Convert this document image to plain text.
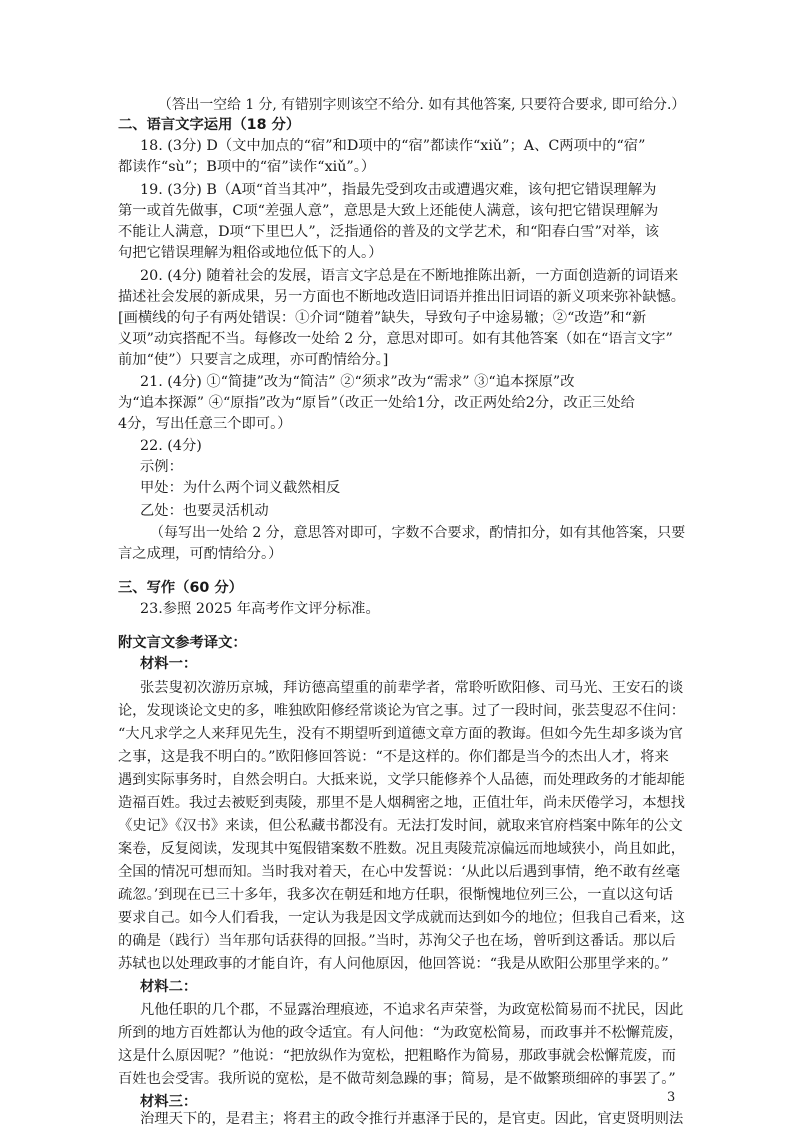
（答出一空给 1 分, 有错别字则该空不给分. 如有其他答案, 只要符合要求, 即可给分.）
二、语言文字运用（18 分）
18. (3分) D（文中加点的“宿”和D项中的“宿”都读作“xiǔ”；A、C两项中的“宿”
都读作“sù”；B项中的“宿”读作“xiǔ”。）
19. (3分) B（A项“首当其冲”，指最先受到攻击或遭遇灾难，该句把它错误理解为
第一或首先做事，C项“差强人意”，意思是大致上还能使人满意，该句把它错误理解为
不能让人满意，D项“下里巴人”，泛指通俗的普及的文学艺术，和“阳春白雪”对举，该
句把它错误理解为粗俗或地位低下的人。）
20. (4分) 随着社会的发展，语言文字总是在不断地推陈出新，一方面创造新的词语来
描述社会发展的新成果，另一方面也不断地改造旧词语并推出旧词语的新义项来弥补缺憾。
[画横线的句子有两处错误：①介词“随着”缺失，导致句子中途易辙；②“改造”和“新
义项”动宾搭配不当。每修改一处给 2 分，意思对即可。如有其他答案（如在“语言文字”
前加“使”）只要言之成理，亦可酌情给分。]
21. (4分) ①“简捷”改为“简洁” ②“须求”改为“需求” ③“追本探原”改
为“追本探源” ④“原指”改为“原旨”（改正一处给1分，改正两处给2分，改正三处给
4分，写出任意三个即可。）
22. (4分)
示例：
甲处：为什么两个词义截然相反
乙处：也要灵活机动
（每写出一处给 2 分，意思答对即可，字数不合要求，酌情扣分，如有其他答案，只要
言之成理，可酌情给分。）
三、写作（60 分）
23.参照 2025 年高考作文评分标准。
附文言文参考译文：
材料一：
张芸叟初次游历京城，拜访德高望重的前辈学者，常聆听欧阳修、司马光、王安石的谈
论，发现谈论文史的多，唯独欧阳修经常谈论为官之事。过了一段时间，张芸叟忍不住问：
“大凡求学之人来拜见先生，没有不期望听到道德文章方面的教诲。但如今先生却多谈为官
之事，这是我不明白的。”欧阳修回答说：“不是这样的。你们都是当今的杰出人才，将来
遇到实际事务时，自然会明白。大抵来说，文学只能修养个人品德，而处理政务的才能却能
造福百姓。我过去被贬到夷陵，那里不是人烟稠密之地，正值壮年，尚未厌倦学习，本想找
《史记》《汉书》来读，但公私藏书都没有。无法打发时间，就取来官府档案中陈年的公文
案卷，反复阅读，发现其中冤假错案数不胜数。况且夷陵荒凉偏远而地域狭小，尚且如此，
全国的情况可想而知。当时我对着天，在心中发誓说：‘从此以后遇到事情，绝不敢有丝毫
疏忽。’到现在已三十多年，我多次在朝廷和地方任职，很惭愧地位列三公，一直以这句话
要求自己。如今人们看我，一定认为我是因文学成就而达到如今的地位；但我自己看来，这
的确是（践行）当年那句话获得的回报。”当时，苏洵父子也在场，曾听到这番话。那以后
苏轼也以处理政事的才能自许，有人问他原因，他回答说：“我是从欧阳公那里学来的。”
材料二：
凡他任职的几个郡，不显露治理痕迹，不追求名声荣誉，为政宽松简易而不扰民，因此
所到的地方百姓都认为他的政令适宜。有人问他：“为政宽松简易，而政事并不松懈荒废，
这是什么原因呢？”他说：“把放纵作为宽松，把粗略作为简易，那政事就会松懈荒废，而
百姓也会受害。我所说的宽松，是不做苛刻急躁的事；简易，是不做繁琐细碎的事罢了。”
材料三：
治理天下的，是君主；将君主的政令推行并惠泽于民的，是官吏。因此，官吏贤明则法
3
